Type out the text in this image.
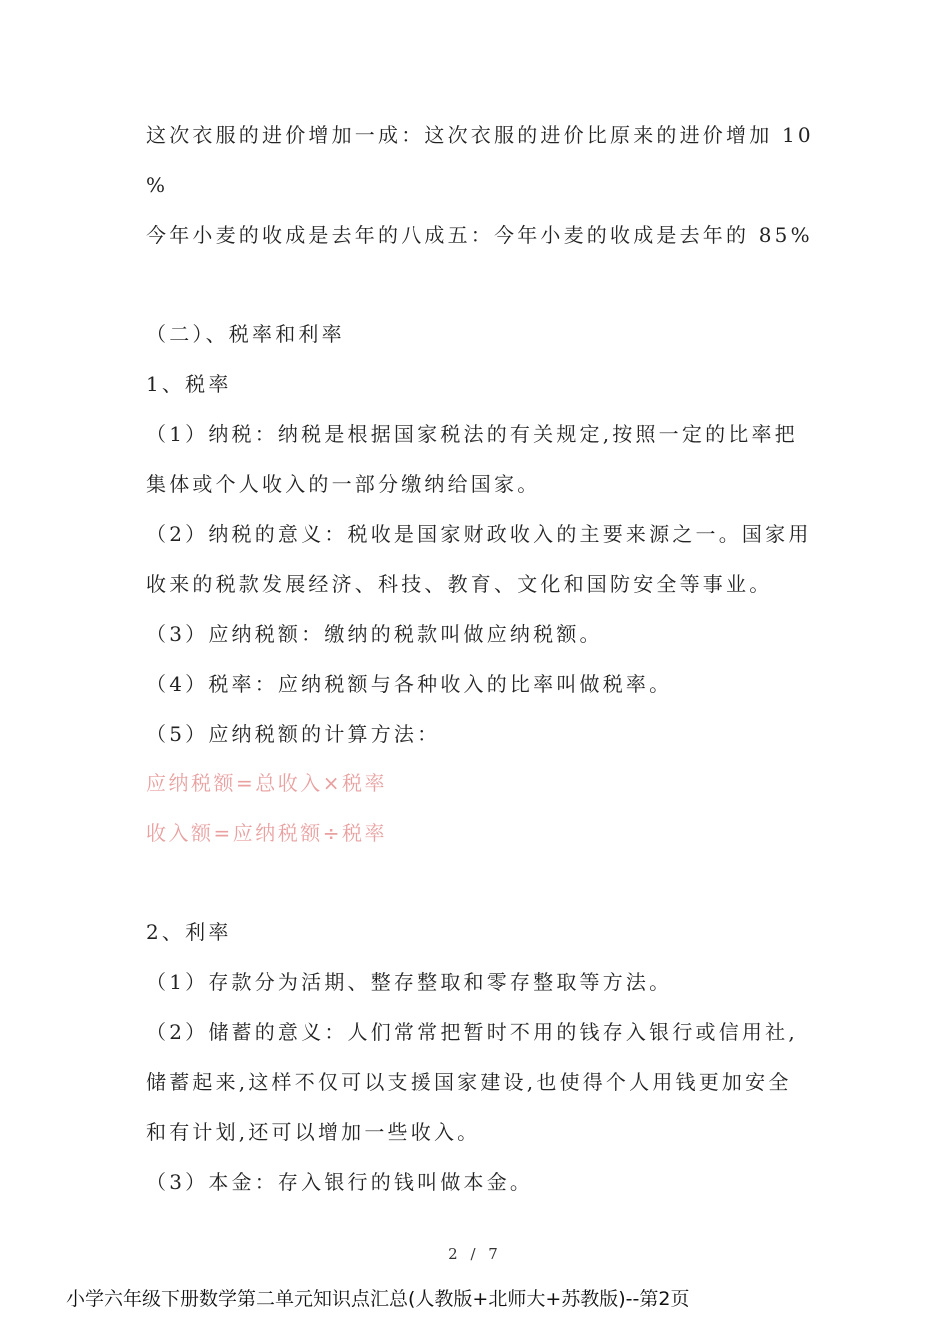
这次衣服的进价增加一成：这次衣服的进价比原来的进价增加 10
%
今年小麦的收成是去年的八成五：今年小麦的收成是去年的 85%
（二）、税率和利率
1、税率
（1）纳税：纳税是根据国家税法的有关规定,按照一定的比率把
集体或个人收入的一部分缴纳给国家。
（2）纳税的意义：税收是国家财政收入的主要来源之一。国家用
收来的税款发展经济、科技、教育、文化和国防安全等事业。
（3）应纳税额：缴纳的税款叫做应纳税额。
（4）税率：应纳税额与各种收入的比率叫做税率。
（5）应纳税额的计算方法：
应纳税额=总收入×税率
收入额=应纳税额÷税率
2、利率
（1）存款分为活期、整存整取和零存整取等方法。
（2）储蓄的意义：人们常常把暂时不用的钱存入银行或信用社,
储蓄起来,这样不仅可以支援国家建设,也使得个人用钱更加安全
和有计划,还可以增加一些收入。
（3）本金：存入银行的钱叫做本金。
2 / 7
小学六年级下册数学第二单元知识点汇总(人教版+北师大+苏教版)--第2页
